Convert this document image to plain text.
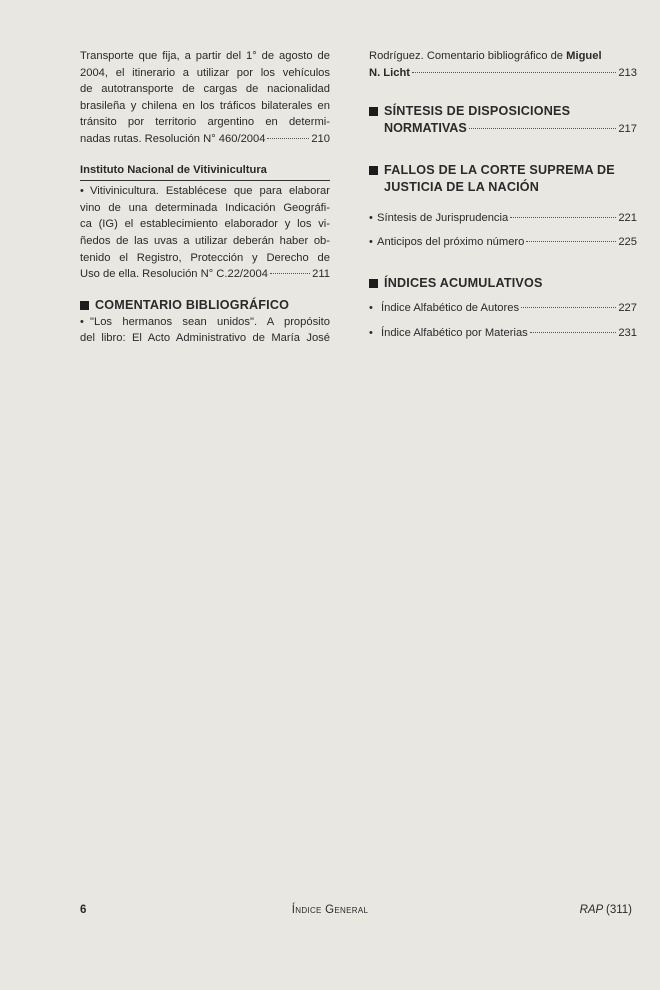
Transporte que fija, a partir del 1° de agosto de

2004, el itinerario a utilizar por los vehículos

de autotransporte de cargas de nacionalidad

brasileña y chilena en los tráficos bilaterales en

tránsito por territorio argentino en determi-

nadas rutas. Resolución N° 460/2004	210
Instituto Nacional de Vitivinicultura
• Vitivinicultura. Establécese que para elaborar

vino de una determinada Indicación Geográfi-

ca (IG) el establecimiento elaborador y los vi-

ñedos de las uvas a utilizar deberán haber ob-

tenido el Registro, Protección y Derecho de

Uso de ella. Resolución N° C.22/2004	211
COMENTARIO BIBLIOGRÁFICO
• "Los hermanos sean unidos". A propósito

del libro: El Acto Administrativo de María José

Rodríguez. Comentario bibliográfico de Miguel

N. Licht	213
SÍNTESIS DE DISPOSICIONES
NORMATIVAS	217
FALLOS DE LA CORTE SUPREMA DE
JUSTICIA DE LA NACIÓN
• Síntesis de Jurisprudencia	221
• Anticipos del próximo número	225
ÍNDICES ACUMULATIVOS
• Índice Alfabético de Autores	227
• Índice Alfabético por Materias	231
6	Índice General	RAP (311)
